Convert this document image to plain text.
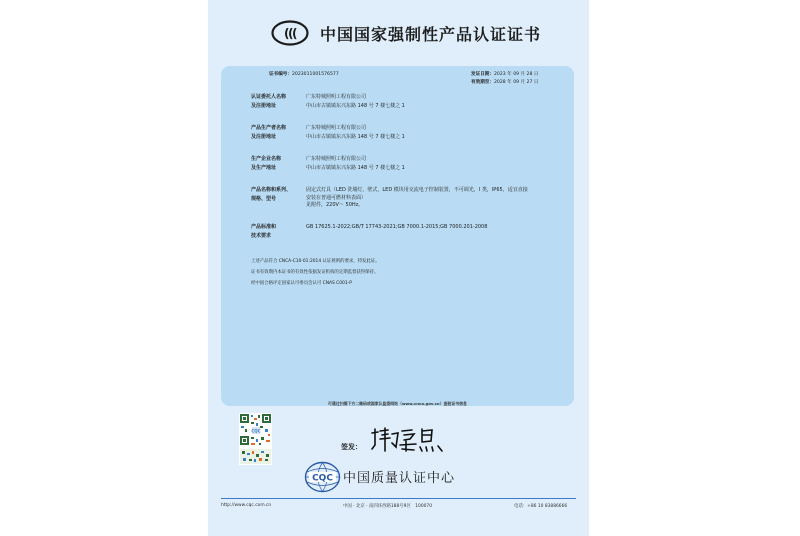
((( 中国国家强制性产品认证证书
证书编号：2023011001576577	发证日期：2023 年 09 月 28 日
有效期至：2028 年 09 月 27 日
认证委托人名称	广东特城照明工程有限公司
及注册地址	中山市古镇镇东兴东路 148 号 7 楼七楼之 1
产品生产者名称	广东特城照明工程有限公司
及注册地址	中山市古镇镇东兴东路 148 号 7 楼七楼之 1
生产企业名称	广东特城照明工程有限公司
及生产地址	中山市古镇镇东兴东路 148 号 7 楼七楼之 1
产品名称和系列、
规格、型号
固定式灯具（LED 洗墙灯，壁式，LED 模块用交流电子控制装置，不可调光，I 类，IP65，适宜直接
安装在普通可燃材料表面）
见附件，220V～ 50Hz。
产品标准和
技术要求
GB 17625.1-2022;GB/T 17743-2021;GB 7000.1-2015;GB 7000.201-2008
上述产品符合 CNCA-C10-01:2014 认证规则的要求，特发此证。
证书有效期内本证书的有效性依据发证机构的定期监督获得保持。
经中国合格评定国家认可委员会认可 CNAS C001-P
可通过扫描下方二维码或国家认监委网站（www.cnca.gov.cn）查验证书信息
CQC
签发：
CQC 中国质量认证中心
http://www.cqc.com.cn	中国 · 北京 · 南四环西路188号9区　100070	电话：+86 10 83886666
